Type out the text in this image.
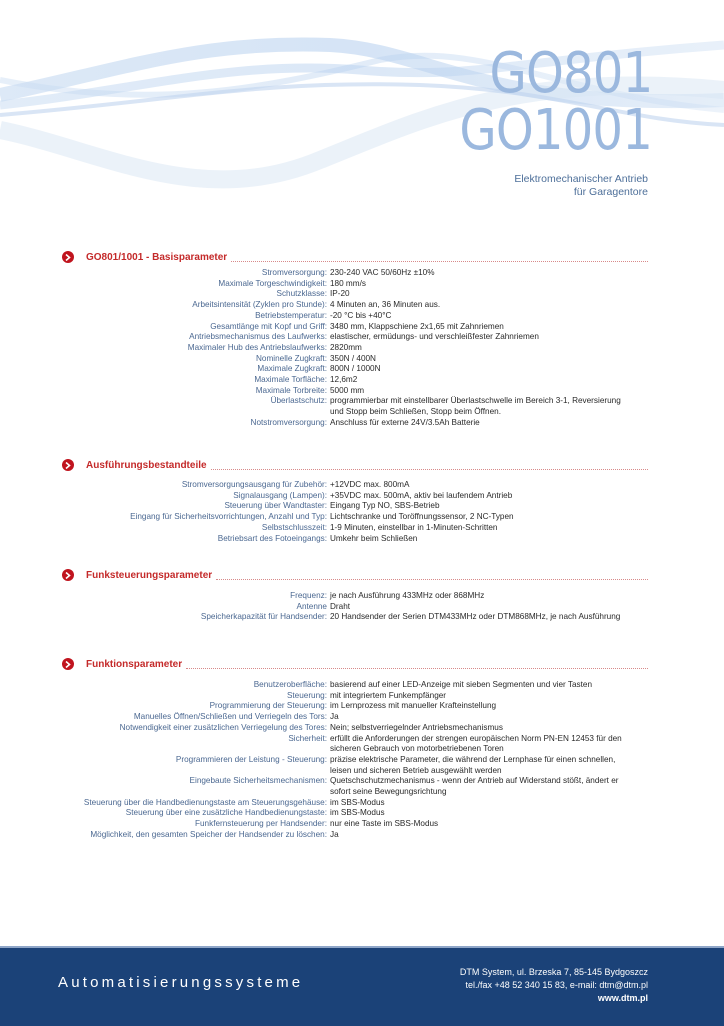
GO801
GO1001
Elektromechanischer Antrieb
für Garagentore
GO801/1001 - Basisparameter
Stromversorgung: 230-240 VAC 50/60Hz ±10%
Maximale Torgeschwindigkeit: 180 mm/s
Schutzklasse: IP-20
Arbeitsintensität (Zyklen pro Stunde): 4 Minuten an, 36 Minuten aus.
Betriebstemperatur: -20 °C bis +40°C
Gesamtlänge mit Kopf und Griff: 3480 mm, Klappschiene 2x1,65 mit Zahnriemen
Antriebsmechanismus des Laufwerks: elastischer, ermüdungs- und verschleißfester Zahnriemen
Maximaler Hub des Antriebslaufwerks: 2820mm
Nominelle Zugkraft: 350N / 400N
Maximale Zugkraft: 800N / 1000N
Maximale Torfläche: 12,6m2
Maximale Torbreite: 5000 mm
Überlastschutz: programmierbar mit einstellbarer Überlastschwelle im Bereich 3-1, Reversierung und Stopp beim Schließen, Stopp beim Öffnen.
Notstromversorgung: Anschluss für externe 24V/3.5Ah Batterie
Ausführungsbestandteile
Stromversorgungsausgang für Zubehör: +12VDC max. 800mA
Signalausgang (Lampen): +35VDC max. 500mA, aktiv bei laufendem Antrieb
Steuerung über Wandtaster: Eingang Typ NO, SBS-Betrieb
Eingang für Sicherheitsvorrichtungen, Anzahl und Typ: Lichtschranke und Toröffnungssensor, 2 NC-Typen
Selbstschlusszeit: 1-9 Minuten, einstellbar in 1-Minuten-Schritten
Betriebsart des Fotoeingangs: Umkehr beim Schließen
Funksteuerungsparameter
Frequenz: je nach Ausführung 433MHz oder 868MHz
Antenne Draht
Speicherkapazität für Handsender: 20 Handsender der Serien DTM433MHz oder DTM868MHz, je nach Ausführung
Funktionsparameter
Benutzeroberfläche: basierend auf einer LED-Anzeige mit sieben Segmenten und vier Tasten
Steuerung: mit integriertem Funkempfänger
Programmierung der Steuerung: im Lernprozess mit manueller Krafteinstellung
Manuelles Öffnen/Schließen und Verriegeln des Tors: Ja
Notwendigkeit einer zusätzlichen Verriegelung des Tores: Nein; selbstverriegelnder Antriebsmechanismus
Sicherheit: erfüllt die Anforderungen der strengen europäischen Norm PN-EN 12453 für den sicheren Gebrauch von motorbetriebenen Toren
Programmieren der Leistung - Steuerung: präzise elektrische Parameter, die während der Lernphase für einen schnellen, leisen und sicheren Betrieb ausgewählt werden
Eingebaute Sicherheitsmechanismen: Quetschschutzmechanismus - wenn der Antrieb auf Widerstand stößt, ändert er sofort seine Bewegungsrichtung
Steuerung über die Handbedienungstaste am Steuerungsgehäuse: im SBS-Modus
Steuerung über eine zusätzliche Handbedienungstaste: im SBS-Modus
Funkfernsteuerung per Handsender: nur eine Taste im SBS-Modus
Möglichkeit, den gesamten Speicher der Handsender zu löschen: Ja
Automatisierungssysteme
DTM System, ul. Brzeska 7, 85-145 Bydgoszcz
tel./fax +48 52 340 15 83, e-mail: dtm@dtm.pl
www.dtm.pl
